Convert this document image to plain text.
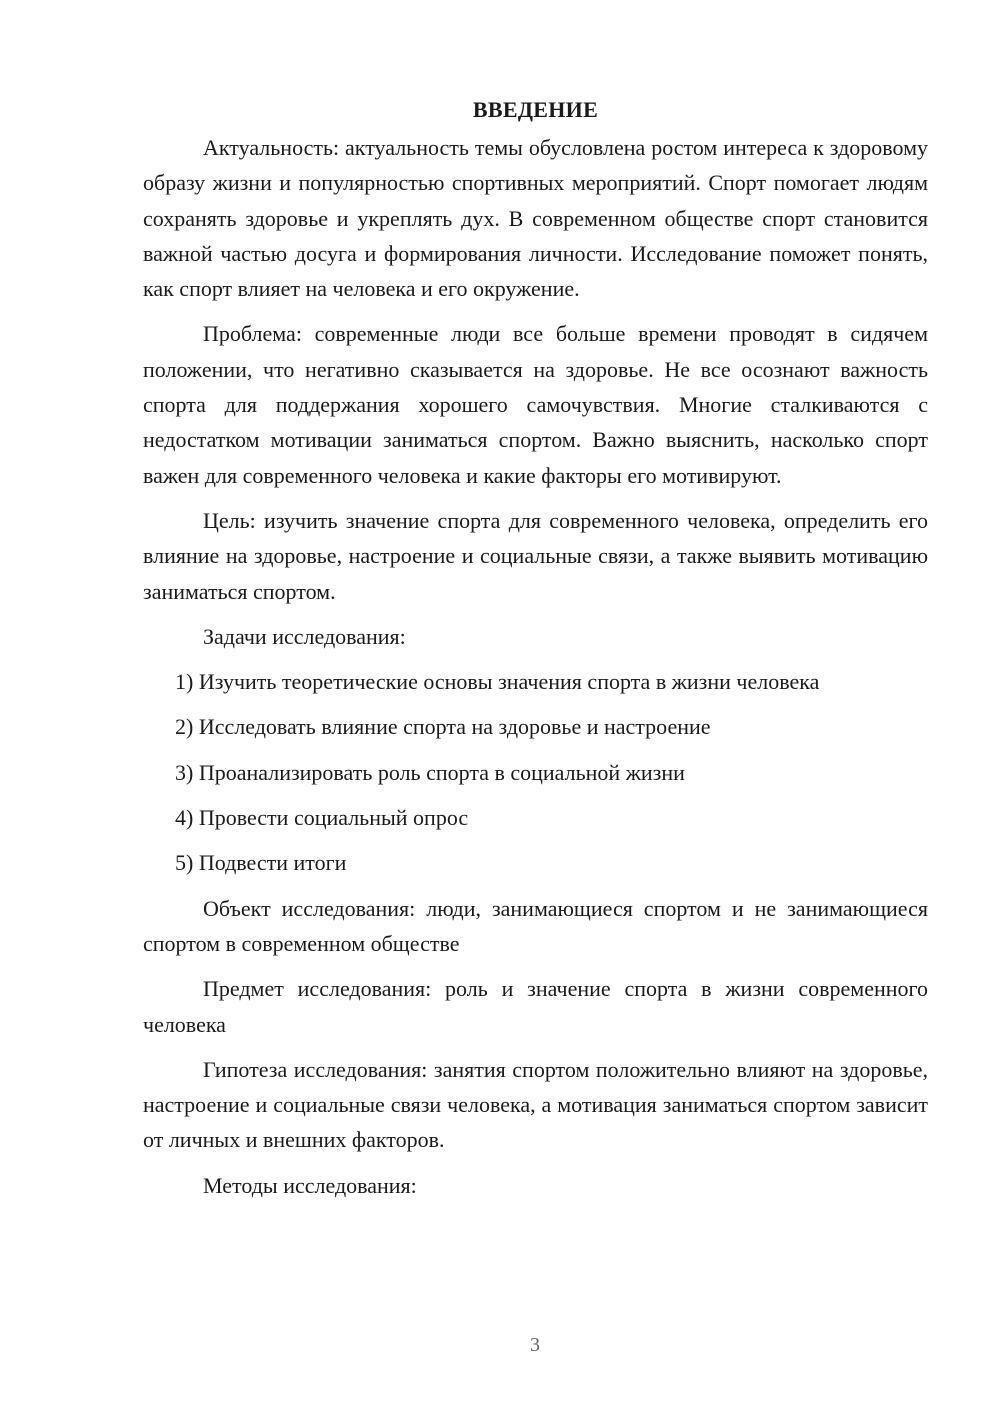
ВВЕДЕНИЕ

Актуальность: актуальность темы обусловлена ростом интереса к здоровому образу жизни и популярностью спортивных мероприятий. Спорт помогает людям сохранять здоровье и укреплять дух. В современном обществе спорт становится важной частью досуга и формирования личности. Исследование поможет понять, как спорт влияет на человека и его окружение.

Проблема: современные люди все больше времени проводят в сидячем положении, что негативно сказывается на здоровье. Не все осознают важность спорта для поддержания хорошего самочувствия. Многие сталкиваются с недостатком мотивации заниматься спортом. Важно выяснить, насколько спорт важен для современного человека и какие факторы его мотивируют.

Цель: изучить значение спорта для современного человека, определить его влияние на здоровье, настроение и социальные связи, а также выявить мотивацию заниматься спортом.

Задачи исследования:

1) Изучить теоретические основы значения спорта в жизни человека
2) Исследовать влияние спорта на здоровье и настроение
3) Проанализировать роль спорта в социальной жизни
4) Провести социальный опрос
5) Подвести итоги

Объект исследования: люди, занимающиеся спортом и не занимающиеся спортом в современном обществе

Предмет исследования: роль и значение спорта в жизни современного человека

Гипотеза исследования: занятия спортом положительно влияют на здоровье, настроение и социальные связи человека, а мотивация заниматься спортом зависит от личных и внешних факторов.

Методы исследования:

3
